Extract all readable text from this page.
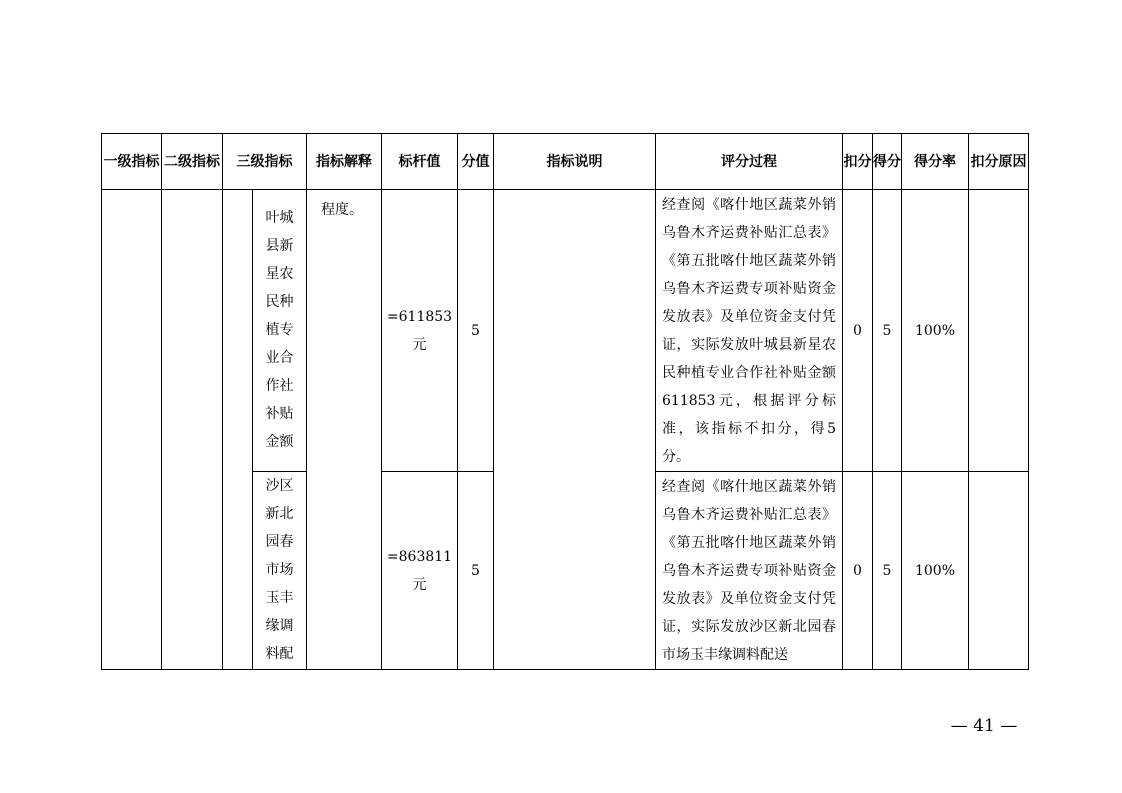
一级指标	二级指标	三级指标		指标解释	标杆值	分值	指标说明	评分过程	扣分	得分	得分率	扣分原因

			叶城县新星农民种植专业合作社补贴金额	程度。	=611853元	5		经查阅《喀什地区蔬菜外销乌鲁木齐运费补贴汇总表》《第五批喀什地区蔬菜外销乌鲁木齐运费专项补贴资金发放表》及单位资金支付凭证，实际发放叶城县新星农民种植专业合作社补贴金额611853元，根据评分标准，该指标不扣分，得5分。	0	5	100%	

			沙区新北园春市场玉丰缘调料配		=863811元	5		经查阅《喀什地区蔬菜外销乌鲁木齐运费补贴汇总表》《第五批喀什地区蔬菜外销乌鲁木齐运费专项补贴资金发放表》及单位资金支付凭证，实际发放沙区新北园春市场玉丰缘调料配送	0	5	100%	
— 41 —
